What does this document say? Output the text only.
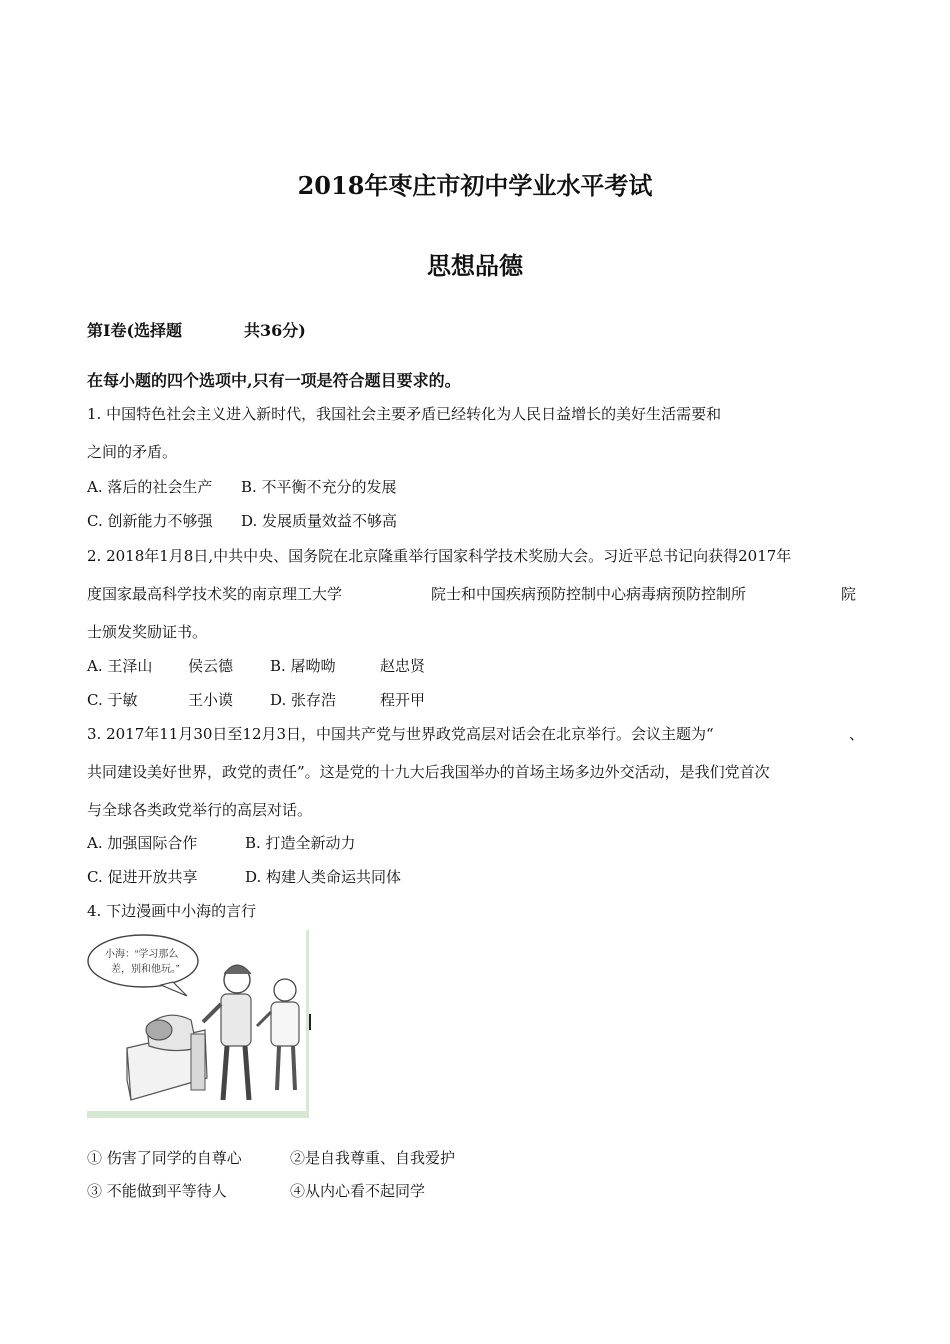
2018年枣庄市初中学业水平考试
思想品德
第Ⅰ卷(选择题	共36分)
在每小题的四个选项中,只有一项是符合题目要求的。
1. 中国特色社会主义进入新时代，我国社会主要矛盾已经转化为人民日益增长的美好生活需要和
之间的矛盾。
A. 落后的社会生产 B. 不平衡不充分的发展
C. 创新能力不够强 D. 发展质量效益不够高
2. 2018年1月8日,中共中央、国务院在北京隆重举行国家科学技术奖励大会。习近平总书记向获得2017年
度国家最高科学技术奖的南京理工大学	院士和中国疾病预防控制中心病毒病预防控制所	院
士颁发奖励证书。
A. 王泽山 侯云德 B. 屠呦呦	赵忠贤
C. 于敏	王小谟 D. 张存浩	程开甲
3. 2017年11月30日至12月3日，中国共产党与世界政党高层对话会在北京举行。会议主题为“	、
共同建设美好世界，政党的责任”。这是党的十九大后我国举办的首场主场多边外交活动，是我们党首次
与全球各类政党举行的高层对话。
A. 加强国际合作	B. 打造全新动力
C. 促进开放共享	D. 构建人类命运共同体
4. 下边漫画中小海的言行
小海：“学习那么
差，别和他玩。”
① 伤害了同学的自尊心	②是自我尊重、自我爱护
③ 不能做到平等待人	④从内心看不起同学
